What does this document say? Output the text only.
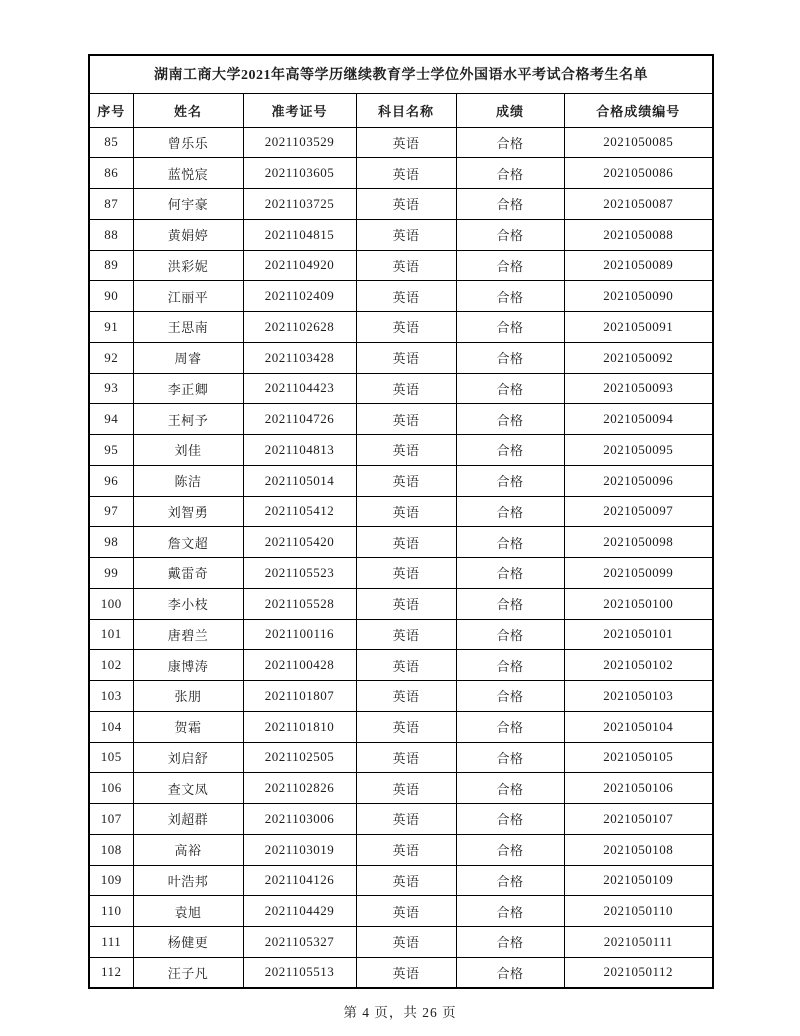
湖南工商大学2021年高等学历继续教育学士学位外国语水平考试合格考生名单					
序号	姓名	准考证号	科目名称	成绩	合格成绩编号
85	曾乐乐	2021103529	英语	合格	2021050085
86	蓝悦宸	2021103605	英语	合格	2021050086
87	何宇豪	2021103725	英语	合格	2021050087
88	黄娟婷	2021104815	英语	合格	2021050088
89	洪彩妮	2021104920	英语	合格	2021050089
90	江丽平	2021102409	英语	合格	2021050090
91	王思南	2021102628	英语	合格	2021050091
92	周睿	2021103428	英语	合格	2021050092
93	李正卿	2021104423	英语	合格	2021050093
94	王柯予	2021104726	英语	合格	2021050094
95	刘佳	2021104813	英语	合格	2021050095
96	陈洁	2021105014	英语	合格	2021050096
97	刘智勇	2021105412	英语	合格	2021050097
98	詹文超	2021105420	英语	合格	2021050098
99	戴雷奇	2021105523	英语	合格	2021050099
100	李小枝	2021105528	英语	合格	2021050100
101	唐碧兰	2021100116	英语	合格	2021050101
102	康博涛	2021100428	英语	合格	2021050102
103	张朋	2021101807	英语	合格	2021050103
104	贺霜	2021101810	英语	合格	2021050104
105	刘启舒	2021102505	英语	合格	2021050105
106	查文凤	2021102826	英语	合格	2021050106
107	刘超群	2021103006	英语	合格	2021050107
108	高裕	2021103019	英语	合格	2021050108
109	叶浩邦	2021104126	英语	合格	2021050109
110	袁旭	2021104429	英语	合格	2021050110
111	杨健更	2021105327	英语	合格	2021050111
112	汪子凡	2021105513	英语	合格	2021050112
第 4 页，共 26 页
